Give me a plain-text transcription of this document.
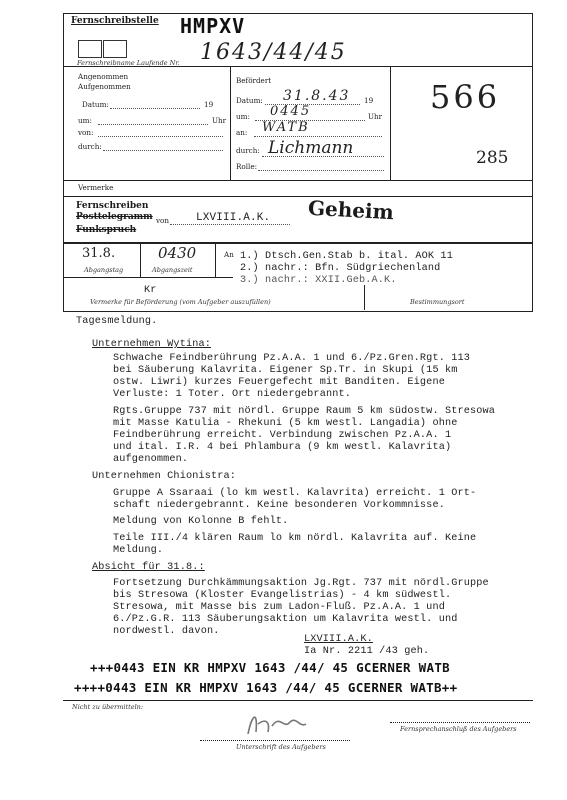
Fernschreibstelle HMPXV
Fernschreibname Laufende Nr. 1643/44/45
Angenommen
Aufgenommen
Datum:	19
um:	Uhr
von:
durch:
Befördert
Datum: 31.8.43 19
um: 0445	Uhr
an: WATB
durch: Lichmann
Rolle:
566
285
Vermerke
Fernschreiben
Posttelegramm
Funkspruch
von LXVIII.A.K. Geheim
31.8.
Abgangstag
0430
Abgangszeit
An 1.) Dtsch.Gen.Stab b. ital. AOK 11
2.) nachr.: Bfn. Südgriechenland
3.) nachr.: XXII.Geb.A.K.
Kr
Vermerke für Beförderung (vom Aufgeber auszufüllen)	Bestimmungsort
Tagesmeldung.
Unternehmen Wytina:
Schwache Feindberührung Pz.A.A. 1 und 6./Pz.Gren.Rgt. 113
bei Säuberung Kalavrita. Eigener Sp.Tr. in Skupi (15 km
ostw. Liwri) kurzes Feuergefecht mit Banditen. Eigene
Verluste: 1 Toter. Ort niedergebrannt.
Rgts.Gruppe 737 mit nördl. Gruppe Raum 5 km südostw. Stresowa
mit Masse Katulia - Rhekuni (5 km westl. Langadia) ohne
Feindberührung erreicht. Verbindung zwischen Pz.A.A. 1
und ital. I.R. 4 bei Phlambura (9 km westl. Kalavrita)
aufgenommen.
Unternehmen Chionistra:
Gruppe A Ssaraai (lo km westl. Kalavrita) erreicht. 1 Ort-
schaft niedergebrannt. Keine besonderen Vorkommnisse.
Meldung von Kolonne B fehlt.
Teile III./4 klären Raum lo km nördl. Kalavrita auf. Keine
Meldung.
Absicht für 31.8.:
Fortsetzung Durchkämmungsaktion Jg.Rgt. 737 mit nördl.Gruppe
bis Stresowa (Kloster Evangelistrias) - 4 km südwestl.
Stresowa, mit Masse bis zum Ladon-Fluß. Pz.A.A. 1 und
6./Pz.G.R. 113 Säuberungsaktion um Kalavrita westl. und
nordwestl. davon.
LXVIII.A.K.
Ia Nr. 2211 /43 geh.
+++0443 EIN KR HMPXV 1643 /44/ 45 GCERNER WATB
++++0443 EIN KR HMPXV 1643 /44/ 45 GCERNER WATB++
Nicht zu übermitteln:
Unterschrift des Aufgebers
Fernsprechanschluß des Aufgebers
